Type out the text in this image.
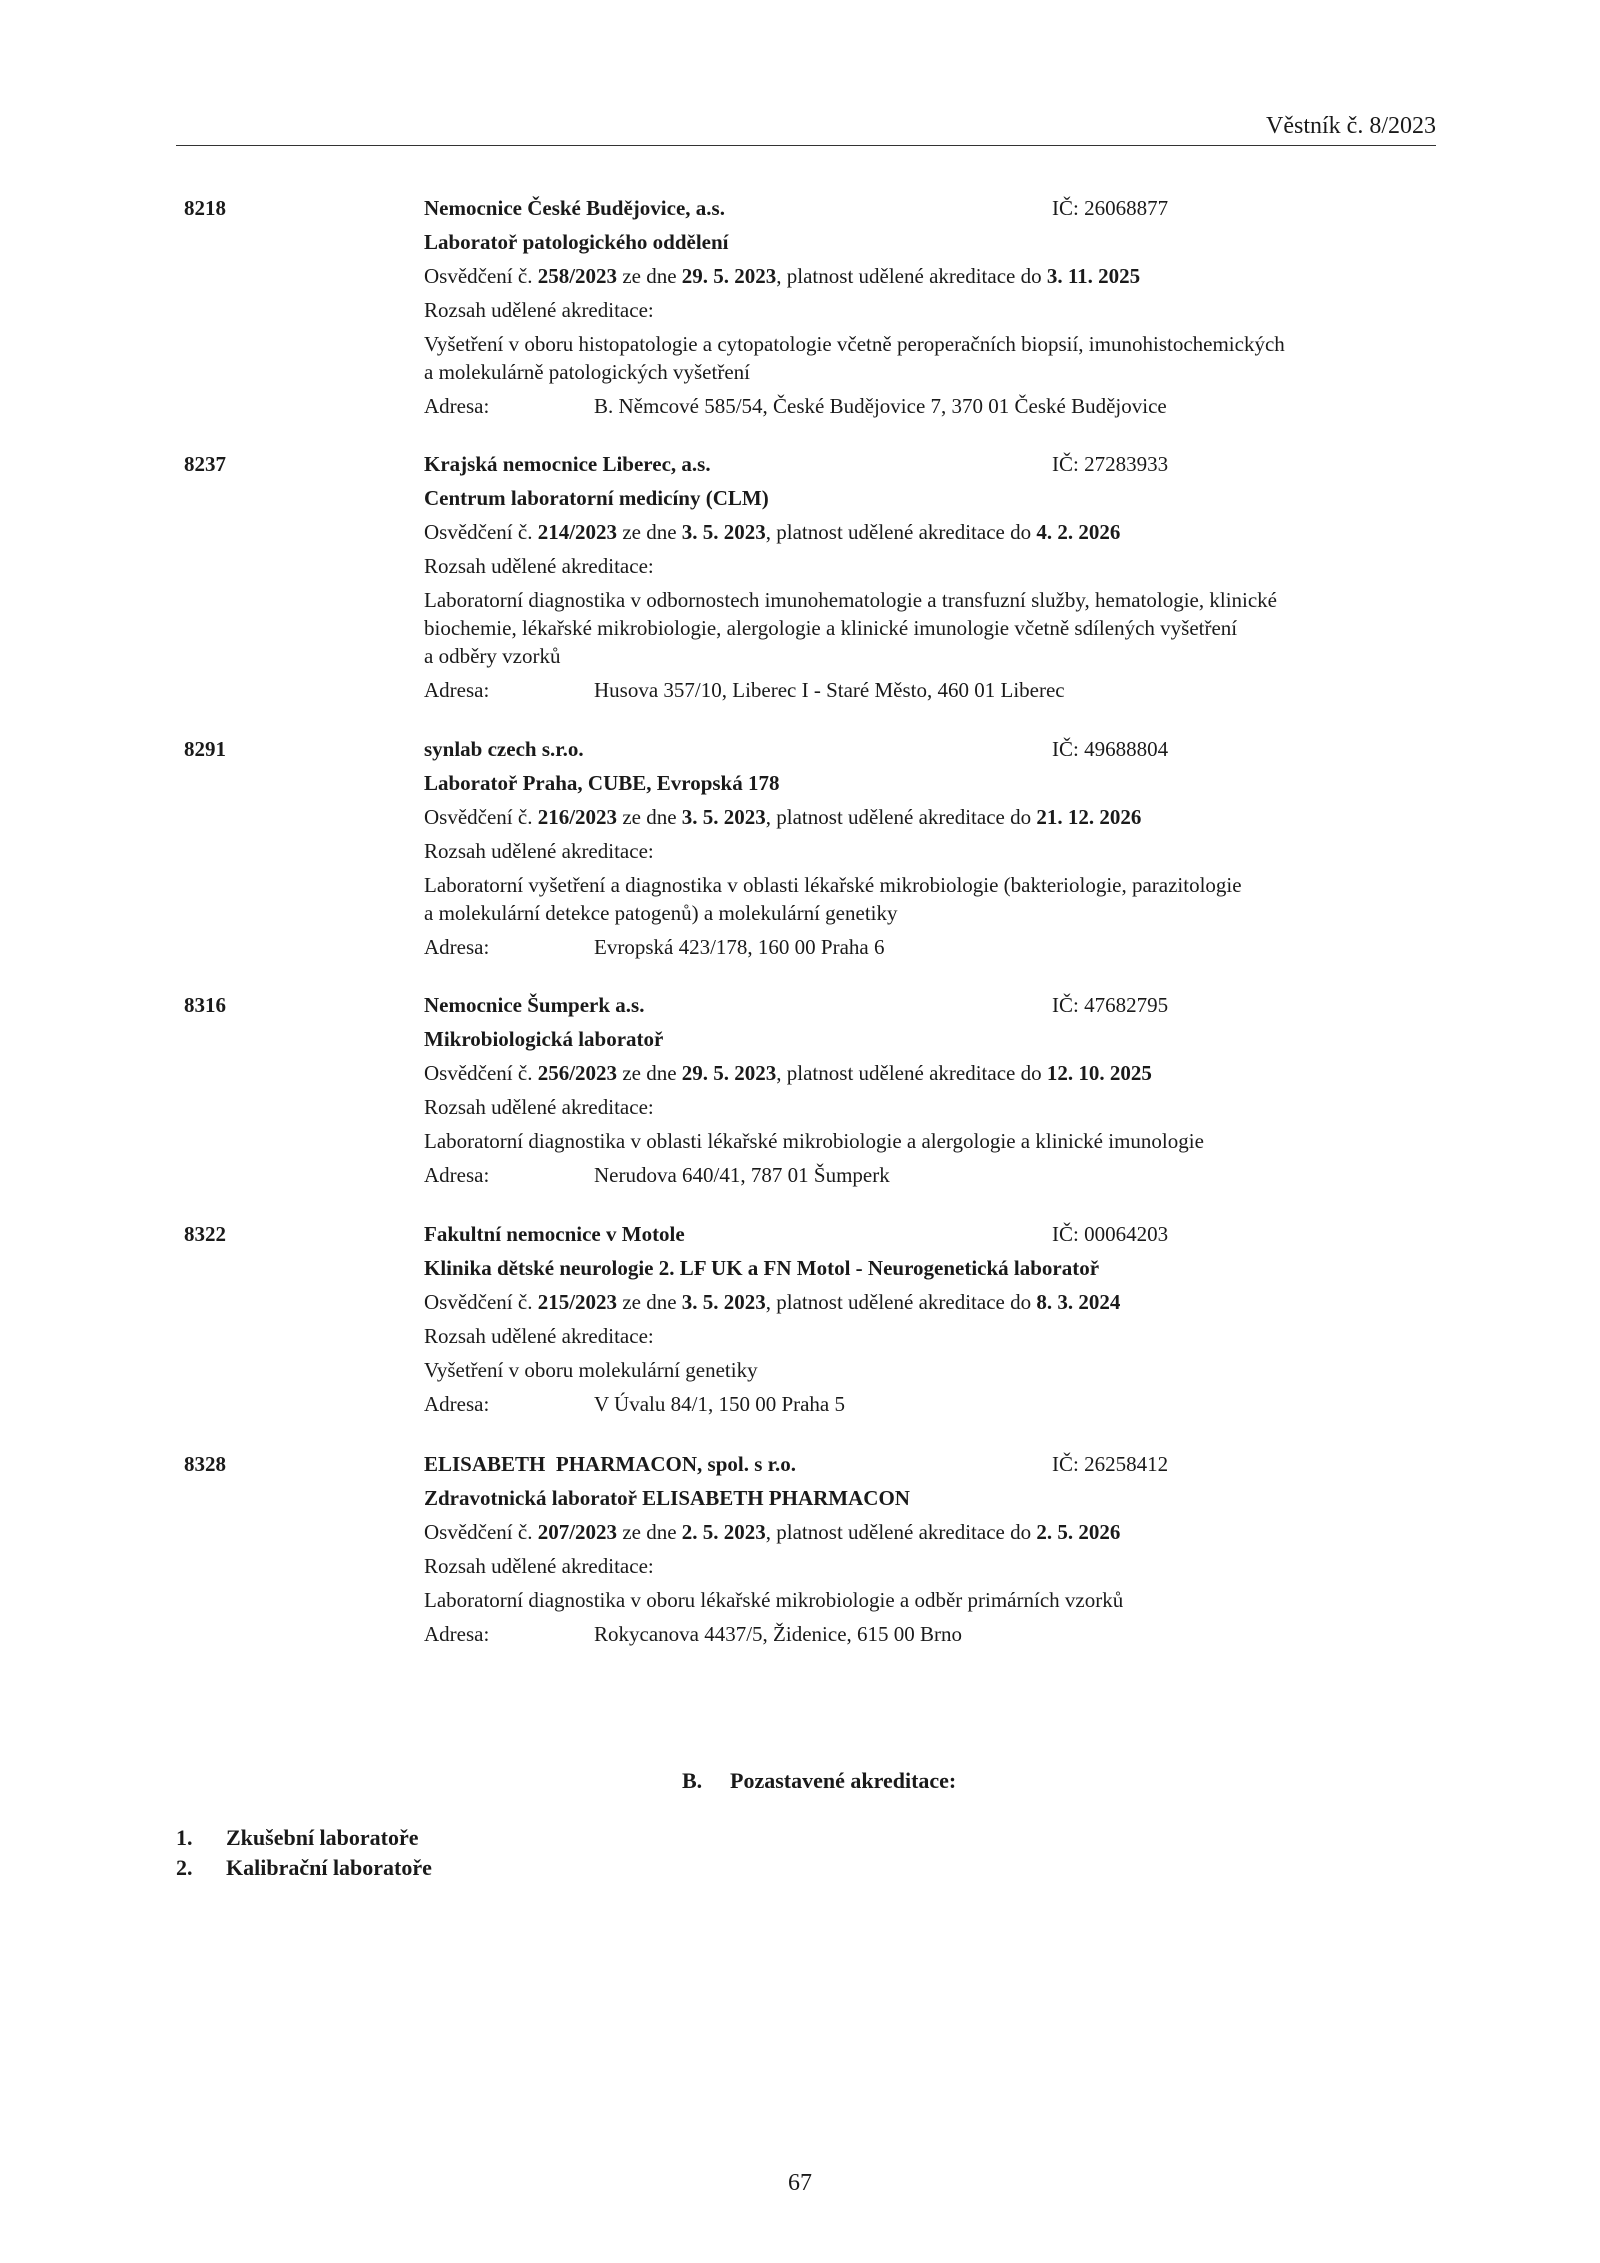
Věstník č. 8/2023
8218	Nemocnice České Budějovice, a.s.	IČ: 26068877
Laboratoř patologického oddělení
Osvědčení č. 258/2023 ze dne 29. 5. 2023, platnost udělené akreditace do 3. 11. 2025
Rozsah udělené akreditace:
Vyšetření v oboru histopatologie a cytopatologie včetně peroperačních biopsií, imunohistochemických
a molekulárně patologických vyšetření
Adresa:	B. Němcové 585/54, České Budějovice 7, 370 01 České Budějovice
8237	Krajská nemocnice Liberec, a.s.	IČ: 27283933
Centrum laboratorní medicíny (CLM)
Osvědčení č. 214/2023 ze dne 3. 5. 2023, platnost udělené akreditace do 4. 2. 2026
Rozsah udělené akreditace:
Laboratorní diagnostika v odbornostech imunohematologie a transfuzní služby, hematologie, klinické
biochemie, lékařské mikrobiologie, alergologie a klinické imunologie včetně sdílených vyšetření
a odběry vzorků
Adresa:	Husova 357/10, Liberec I - Staré Město, 460 01 Liberec
8291	synlab czech s.r.o.	IČ: 49688804
Laboratoř Praha, CUBE, Evropská 178
Osvědčení č. 216/2023 ze dne 3. 5. 2023, platnost udělené akreditace do 21. 12. 2026
Rozsah udělené akreditace:
Laboratorní vyšetření a diagnostika v oblasti lékařské mikrobiologie (bakteriologie, parazitologie
a molekulární detekce patogenů) a molekulární genetiky
Adresa:	Evropská 423/178, 160 00 Praha 6
8316	Nemocnice Šumperk a.s.	IČ: 47682795
Mikrobiologická laboratoř
Osvědčení č. 256/2023 ze dne 29. 5. 2023, platnost udělené akreditace do 12. 10. 2025
Rozsah udělené akreditace:
Laboratorní diagnostika v oblasti lékařské mikrobiologie a alergologie a klinické imunologie
Adresa:	Nerudova 640/41, 787 01 Šumperk
8322	Fakultní nemocnice v Motole	IČ: 00064203
Klinika dětské neurologie 2. LF UK a FN Motol - Neurogenetická laboratoř
Osvědčení č. 215/2023 ze dne 3. 5. 2023, platnost udělené akreditace do 8. 3. 2024
Rozsah udělené akreditace:
Vyšetření v oboru molekulární genetiky
Adresa:	V Úvalu 84/1, 150 00 Praha 5
8328	ELISABETH  PHARMACON, spol. s r.o.	IČ: 26258412
Zdravotnická laboratoř ELISABETH PHARMACON
Osvědčení č. 207/2023 ze dne 2. 5. 2023, platnost udělené akreditace do 2. 5. 2026
Rozsah udělené akreditace:
Laboratorní diagnostika v oboru lékařské mikrobiologie a odběr primárních vzorků
Adresa:	Rokycanova 4437/5, Židenice, 615 00 Brno
B. Pozastavené akreditace:
1. Zkušební laboratoře
2. Kalibrační laboratoře
67
